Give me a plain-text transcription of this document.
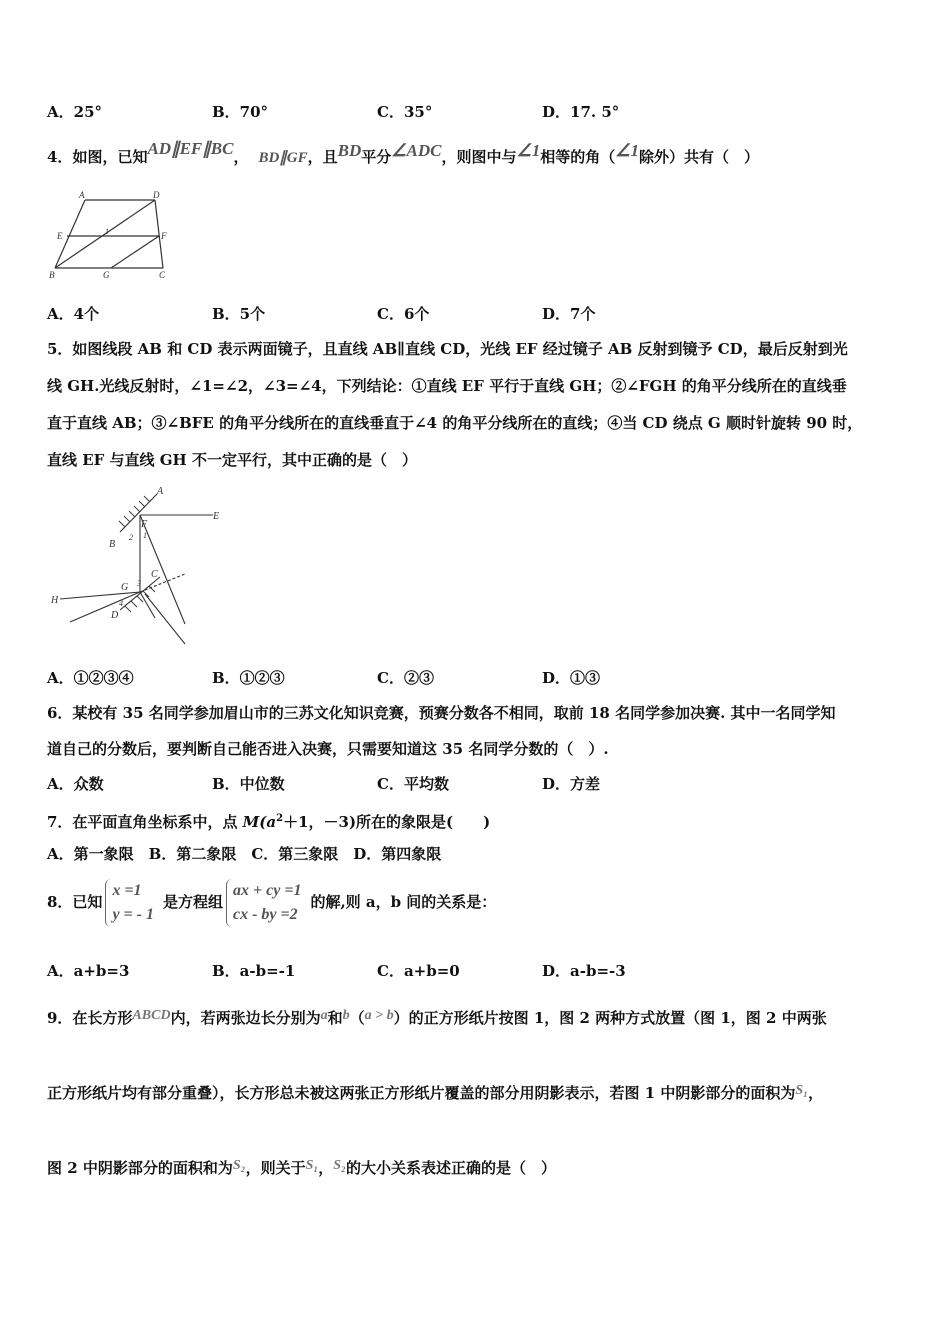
A．25°	B．70°	C．35°	D．17. 5°
4．如图，已知AD∥EF∥BC， BD∥GF，且BD平分∠ADC，则图中与∠1相等的角（∠1除外）共有（　）
A	D
E	F
B	G	C
1
A．4个	B．5个	C．6个	D．7个
5．如图线段 AB 和 CD 表示两面镜子，且直线 AB∥直线 CD，光线 EF 经过镜子 AB 反射到镜予 CD，最后反射到光
线 GH.光线反射时，∠1=∠2，∠3=∠4，下列结论：①直线 EF 平行于直线 GH；②∠FGH 的角平分线所在的直线垂
直于直线 AB；③∠BFE 的角平分线所在的直线垂直于∠4 的角平分线所在的直线；④当 CD 绕点 G 顺时针旋转 90 时，
直线 EF 与直线 GH 不一定平行，其中正确的是（　）
A
E
F
B
2 1
H
G
C
3
4
D
A．①②③④	B．①②③	C．②③	D．①③
6．某校有 35 名同学参加眉山市的三苏文化知识竞赛，预赛分数各不相同，取前 18 名同学参加决赛. 其中一名同学知
道自己的分数后，要判断自己能否进入决赛，只需要知道这 35 名同学分数的（　）.
A．众数	B．中位数	C．平均数	D．方差
7．在平面直角坐标系中，点 $M(a^2+1$，－3)所在的象限是(　　)
A．第一象限　B．第二象限　C．第三象限　D．第四象限
8．已知
x =1
y = - 1
是方程组
ax + cy =1
cx - by =2
的解,则 a，b 间的关系是：
A．a+b=3	B．a-b=-1	C．a+b=0	D．a-b=-3
9．在长方形ABCD内，若两张边长分别为a和b（a > b）的正方形纸片按图 1，图 2 两种方式放置（图 1，图 2 中两张
正方形纸片均有部分重叠），长方形总未被这两张正方形纸片覆盖的部分用阴影表示，若图 1 中阴影部分的面积为S₁，
图 2 中阴影部分的面积和为S₂，则关于S₁，S₂的大小关系表述正确的是（　）
